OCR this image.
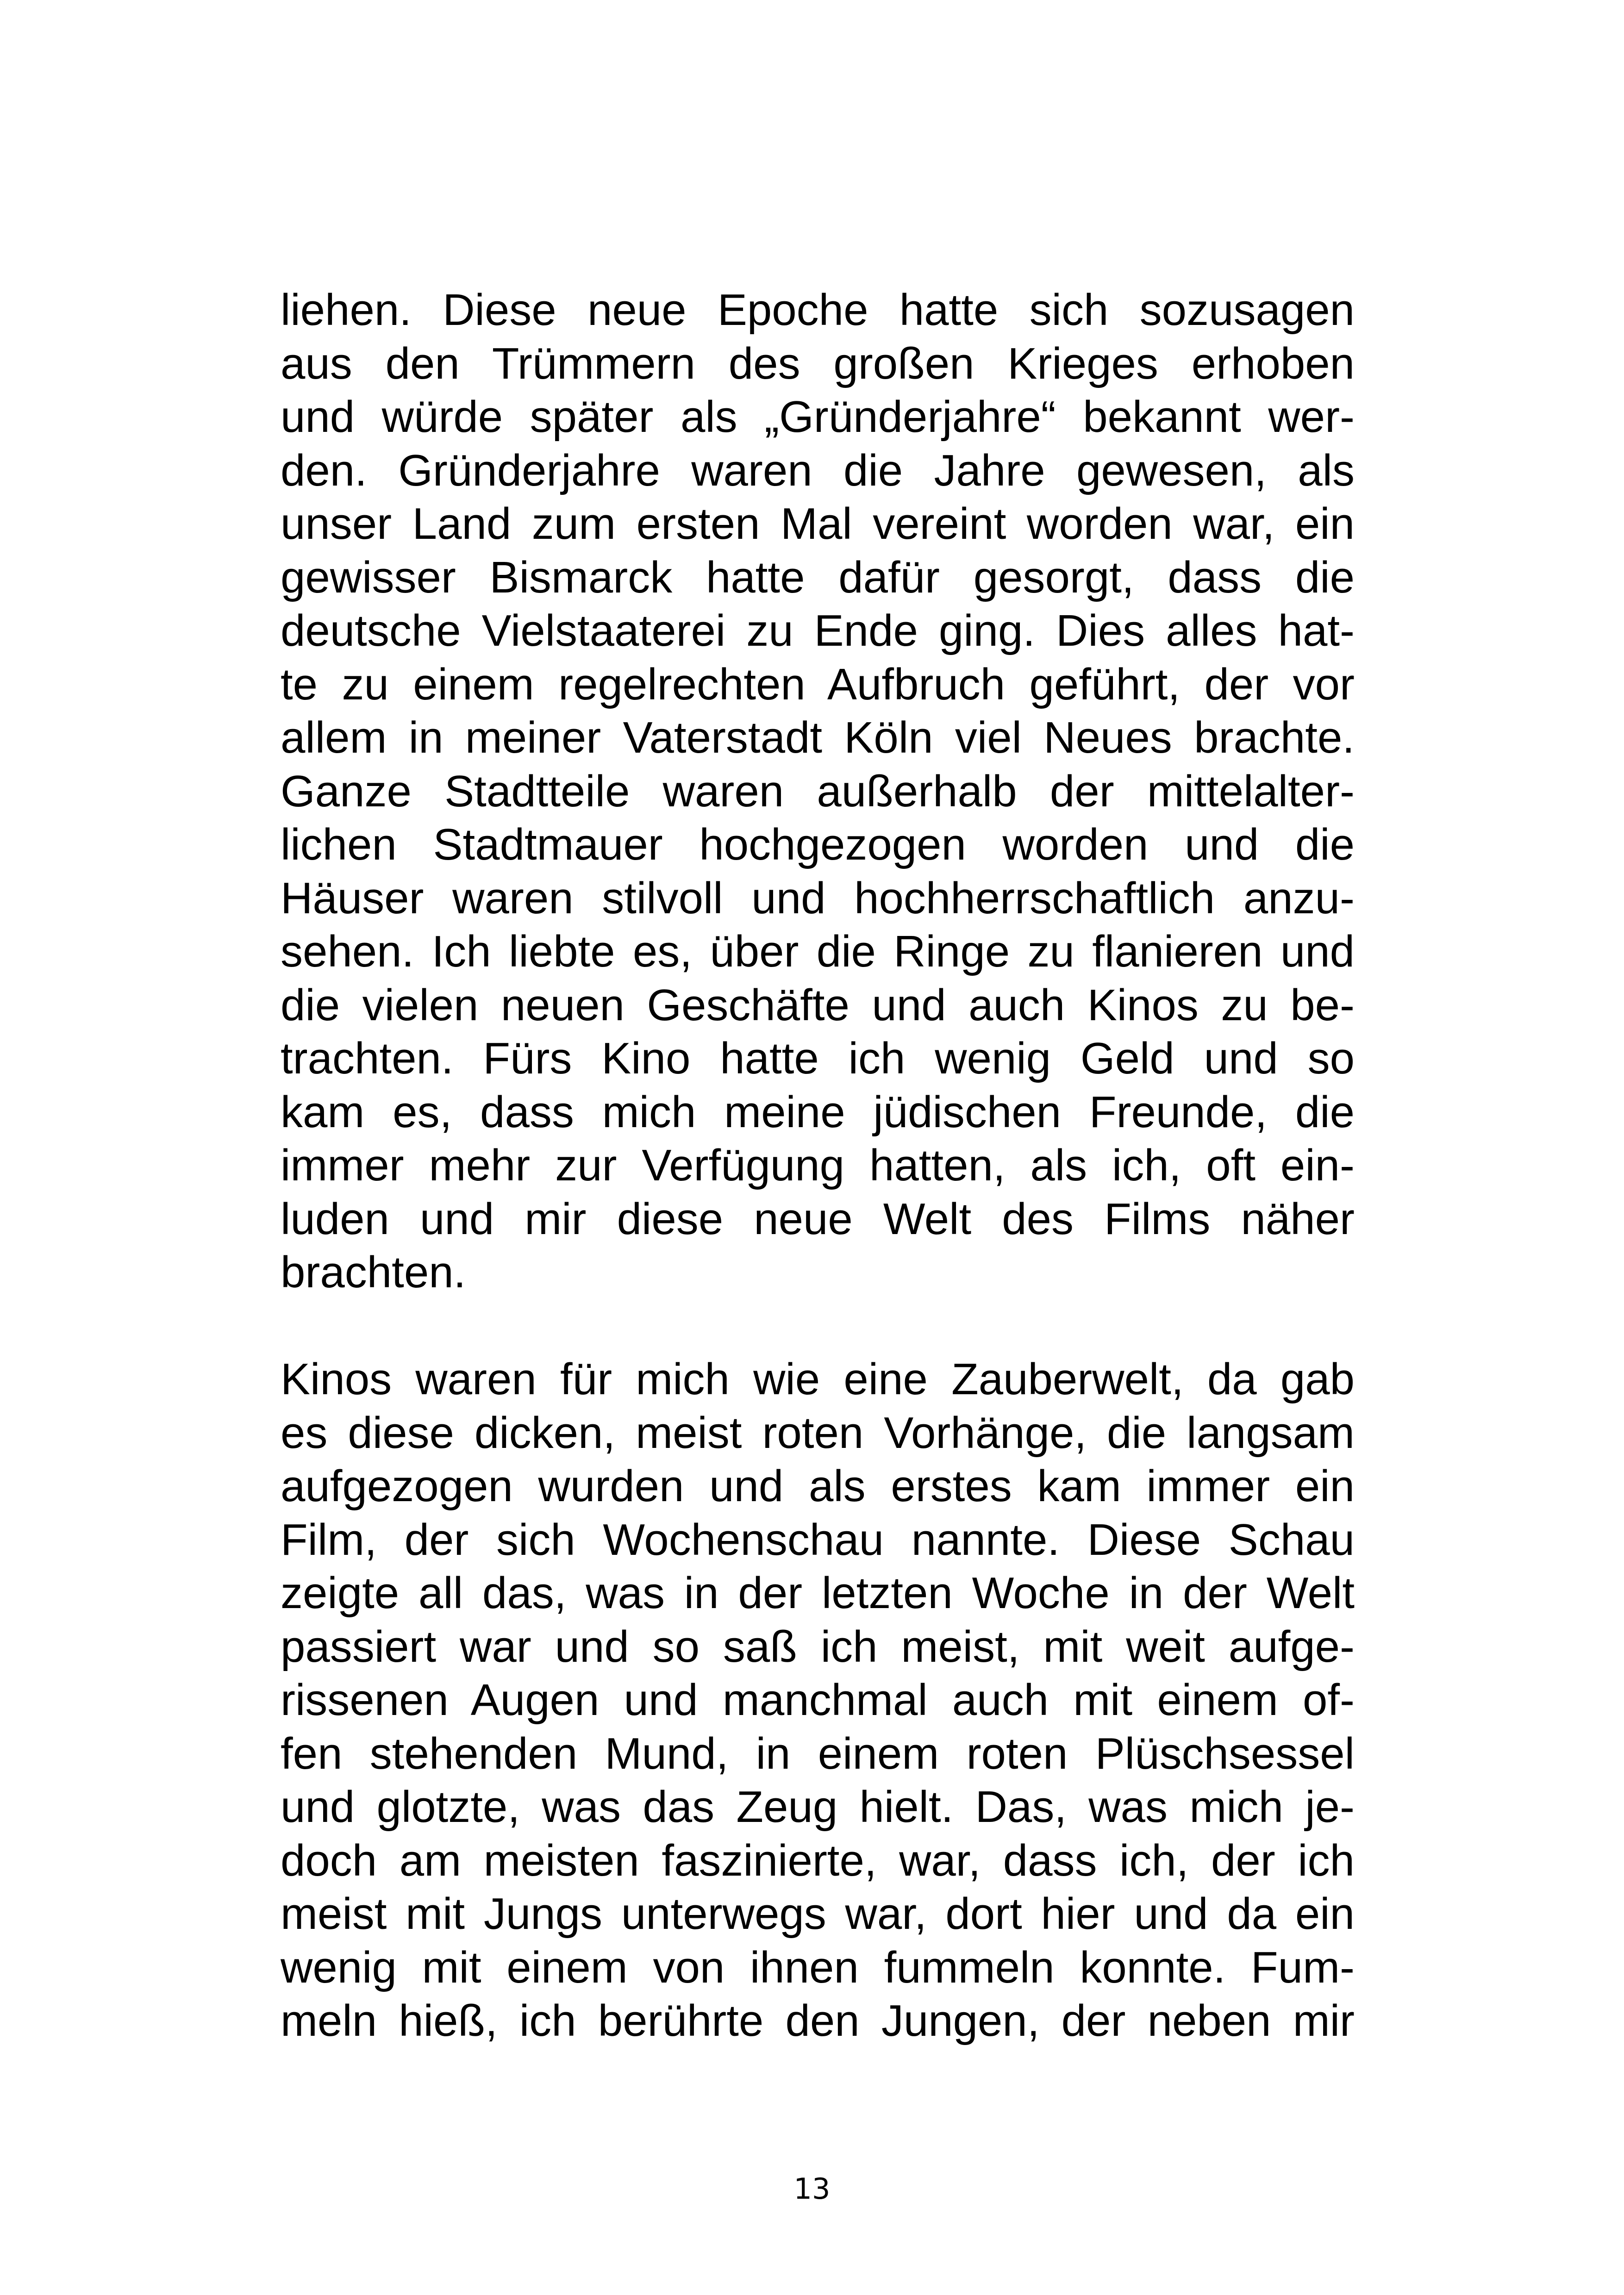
liehen. Diese neue Epoche hatte sich sozusagen
aus den Trümmern des großen Krieges erhoben
und würde später als „Gründerjahre“ bekannt wer-
den. Gründerjahre waren die Jahre gewesen, als
unser Land zum ersten Mal vereint worden war, ein
gewisser Bismarck hatte dafür gesorgt, dass die
deutsche Vielstaaterei zu Ende ging. Dies alles hat-
te zu einem regelrechten Aufbruch geführt, der vor
allem in meiner Vaterstadt Köln viel Neues brachte.
Ganze Stadtteile waren außerhalb der mittelalter-
lichen Stadtmauer hochgezogen worden und die
Häuser waren stilvoll und hochherrschaftlich anzu-
sehen. Ich liebte es, über die Ringe zu flanieren und
die vielen neuen Geschäfte und auch Kinos zu be-
trachten. Fürs Kino hatte ich wenig Geld und so
kam es, dass mich meine jüdischen Freunde, die
immer mehr zur Verfügung hatten, als ich, oft ein-
luden und mir diese neue Welt des Films näher
brachten.

Kinos waren für mich wie eine Zauberwelt, da gab
es diese dicken, meist roten Vorhänge, die langsam
aufgezogen wurden und als erstes kam immer ein
Film, der sich Wochenschau nannte. Diese Schau
zeigte all das, was in der letzten Woche in der Welt
passiert war und so saß ich meist, mit weit aufge-
rissenen Augen und manchmal auch mit einem of-
fen stehenden Mund, in einem roten Plüschsessel
und glotzte, was das Zeug hielt. Das, was mich je-
doch am meisten faszinierte, war, dass ich, der ich
meist mit Jungs unterwegs war, dort hier und da ein
wenig mit einem von ihnen fummeln konnte. Fum-
meln hieß, ich berührte den Jungen, der neben mir

13
